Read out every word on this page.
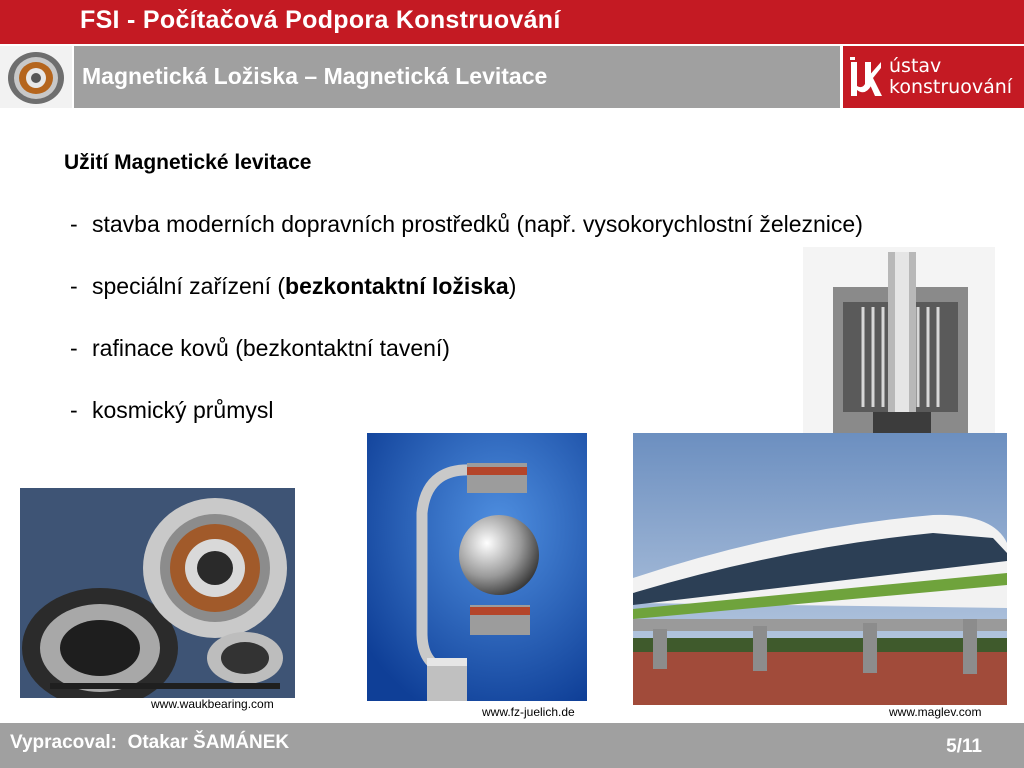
FSI - Počítačová Podpora Konstruování
Magnetická Ložiska – Magnetická Levitace	ústav
konstruování
Užití Magnetické levitace
- stavba moderních dopravních prostředků (např. vysokorychlostní železnice)
- speciální zařízení (bezkontaktní ložiska)
- rafinace kovů (bezkontaktní tavení)
- kosmický průmysl
www.waukbearing.com
www.fz-juelich.de	www.maglev.com
Vypracoval:  Otakar ŠAMÁNEK	5/11
